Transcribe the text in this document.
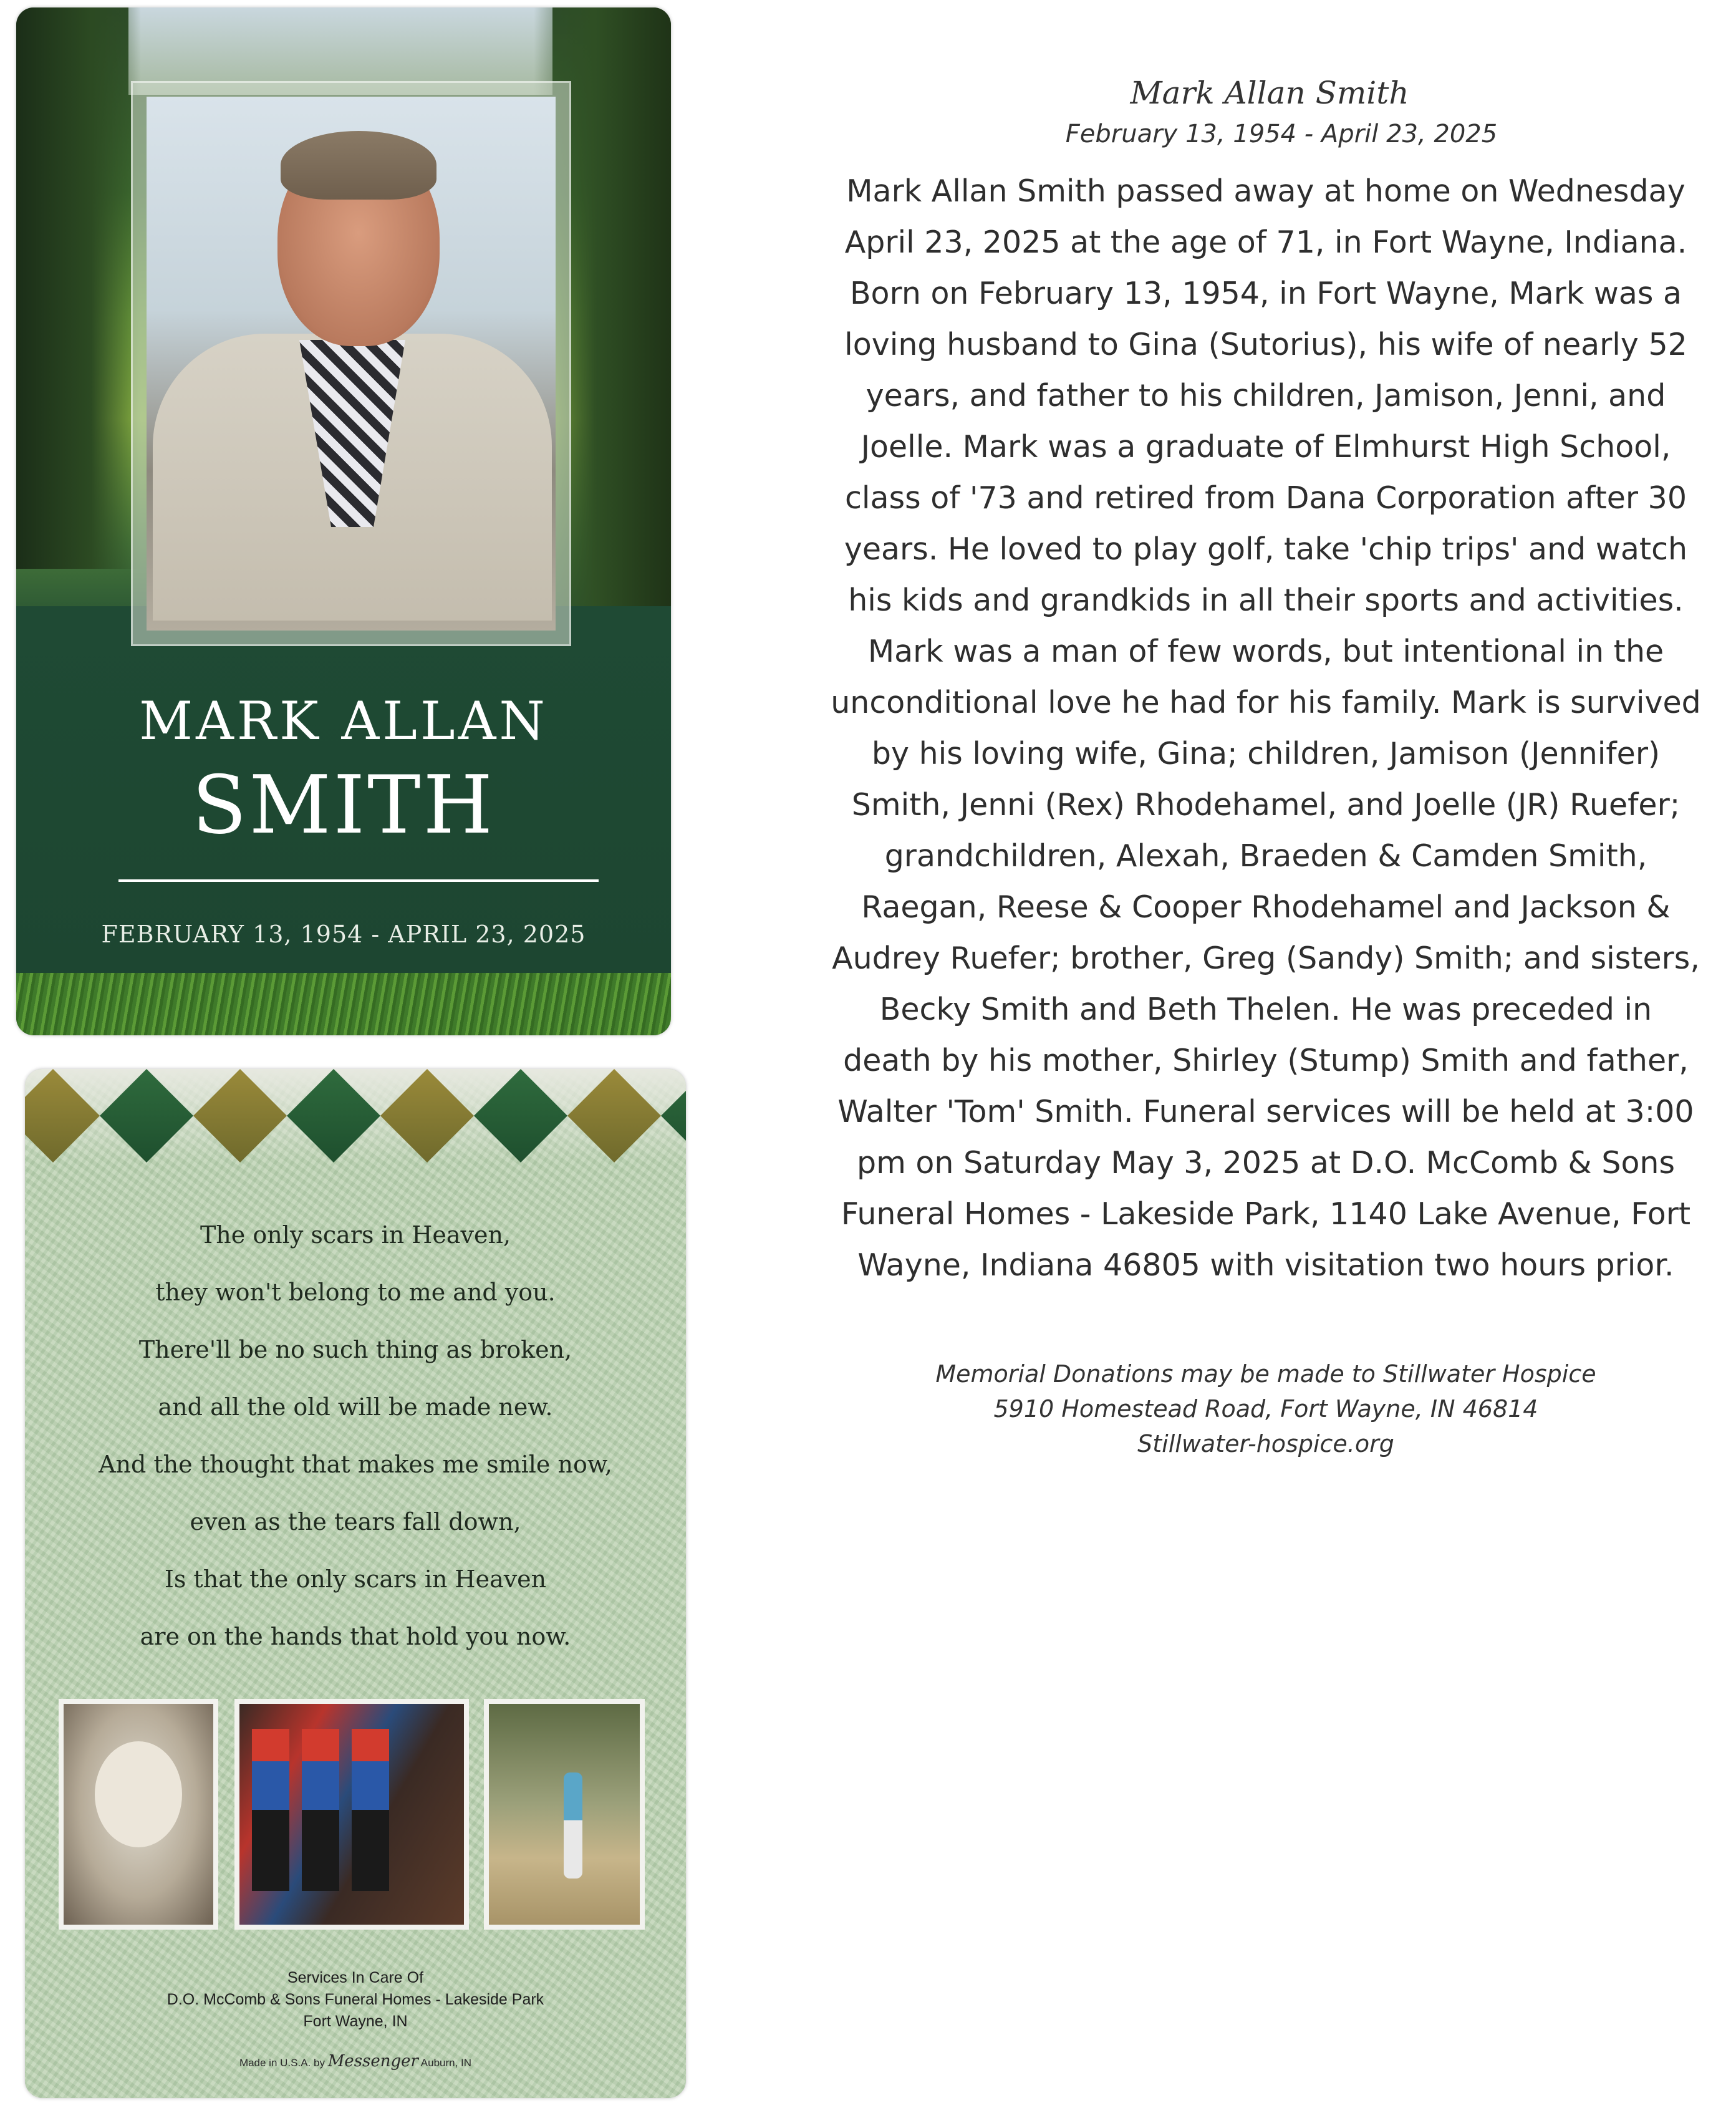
MARK ALLAN
SMITH
FEBRUARY 13, 1954 - APRIL 23, 2025
The only scars in Heaven,
they won't belong to me and you.
There'll be no such thing as broken,
and all the old will be made new.
And the thought that makes me smile now,
even as the tears fall down,
Is that the only scars in Heaven
are on the hands that hold you now.
Services In Care Of
D.O. McComb & Sons Funeral Homes - Lakeside Park
Fort Wayne, IN
Made in U.S.A. by Messenger Auburn, IN
Mark Allan Smith
February 13, 1954 - April 23, 2025
Mark Allan Smith passed away at home on Wednesday
April 23, 2025 at the age of 71, in Fort Wayne, Indiana.
Born on February 13, 1954, in Fort Wayne, Mark was a
loving husband to Gina (Sutorius), his wife of nearly 52
years, and father to his children, Jamison, Jenni, and
Joelle. Mark was a graduate of Elmhurst High School,
class of '73 and retired from Dana Corporation after 30
years. He loved to play golf, take 'chip trips' and watch
his kids and grandkids in all their sports and activities.
Mark was a man of few words, but intentional in the
unconditional love he had for his family. Mark is survived
by his loving wife, Gina; children, Jamison (Jennifer)
Smith, Jenni (Rex) Rhodehamel, and Joelle (JR) Ruefer;
grandchildren, Alexah, Braeden & Camden Smith,
Raegan, Reese & Cooper Rhodehamel and Jackson &
Audrey Ruefer; brother, Greg (Sandy) Smith; and sisters,
Becky Smith and Beth Thelen. He was preceded in
death by his mother, Shirley (Stump) Smith and father,
Walter 'Tom' Smith. Funeral services will be held at 3:00
pm on Saturday May 3, 2025 at D.O. McComb & Sons
Funeral Homes - Lakeside Park, 1140 Lake Avenue, Fort
Wayne, Indiana 46805 with visitation two hours prior.
Memorial Donations may be made to Stillwater Hospice
5910 Homestead Road, Fort Wayne, IN 46814
Stillwater-hospice.org
